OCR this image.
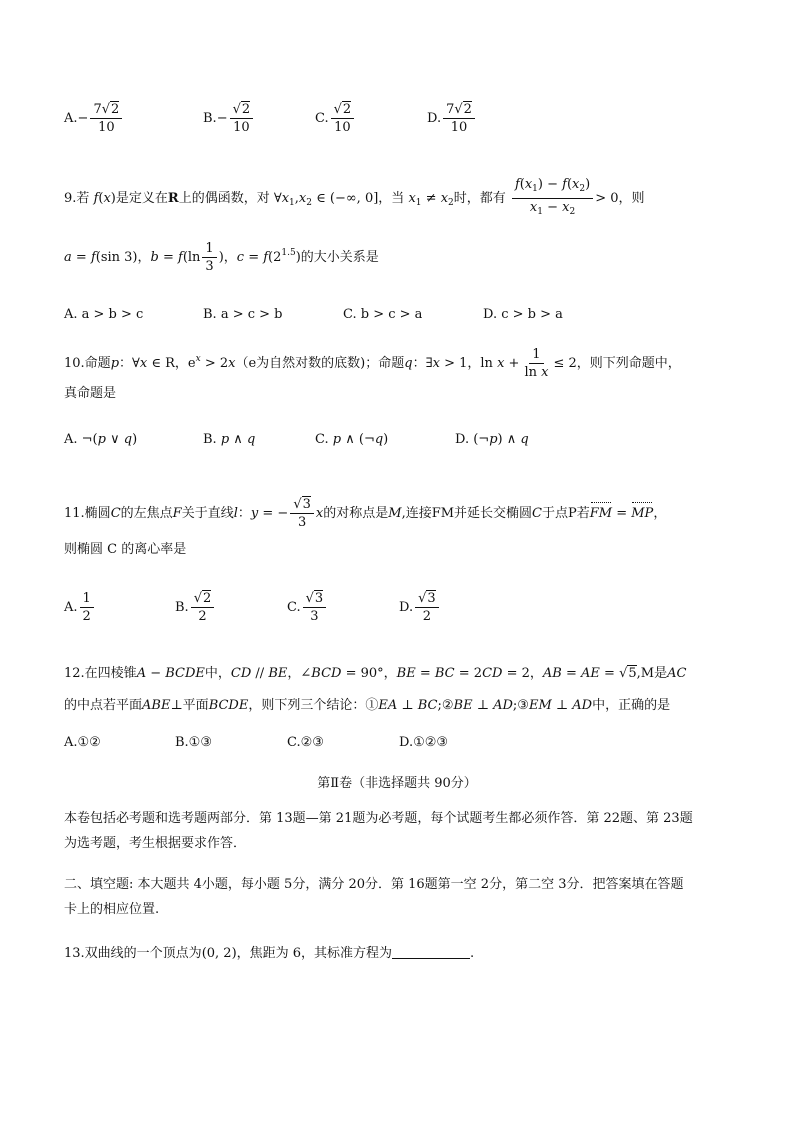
$A.- \frac{7√2}{10}$	$B.- \frac{√2}{10}$	C. $\frac{√2}{10}$	D. $\frac{7√2}{10}$
9.若 f(x)是定义在R上的偶函数，对 $\forall x_1,x_2$ ∈ (−∞, 0]，当 $x_1 \ne x_2$时，都有 $\frac{f(x_1) - f(x_2)}{x_1 - x_2} > 0$，则
a = f(sin 3)，$b = f(\ln \frac{1}{3}$ )，$c = f(2^{1.5})$的大小关系是
A. a > b > c	B. a > c > b	C. b > c > a	D. c > b > a
10.命题p：∀x ∈ R，$e^x > 2x(e$为自然对数的底数)；命题q：∃x > 1，$\ln x + \frac{1}{\text{ln x}} \le 2$，则下列命题中，
真命题是
A. ¬(p ∨ q)	B. p ∧ q	C. p ∧ (¬q)	D. (¬p) ∧ q
11.椭圆C的左焦点F关于直线l：y = − $\frac{√3}{3}$ x的对称点是M,连接FM并延长交椭圆C于点P若FM = MP，
则椭圆 C 的离心率是
A. $\frac{1}{2}$	B. $\frac{√2}{2}$	C. $\frac{√3}{3}$	D. $\frac{√3}{2}$
12.在四棱锥A − BCDE中，CD // BE，∠BCD = 90°，BE = BC = 2CD = 2，AB = AE = √5,M是AC
的中点若平面ABE⊥平面BCDE，则下列三个结论：①EA ⊥ BC;②BE ⊥ AD;③EM ⊥ AD中，正确的是
A.①②	B.①③	C.②③	D.①②③
第Ⅱ卷（非选择题共 90分）
本卷包括必考题和选考题两部分．第 13题—第 21题为必考题，每个试题考生都必须作答．第 22题、第 23题
为选考题，考生根据要求作答．
二、填空题: 本大题共 4小题，每小题 5分，满分 20分．第 16题第一空 2分，第二空 3分．把答案填在答题
卡上的相应位置.
13.双曲线的一个顶点为(0, 2)，焦距为 6，其标准方程为	.
